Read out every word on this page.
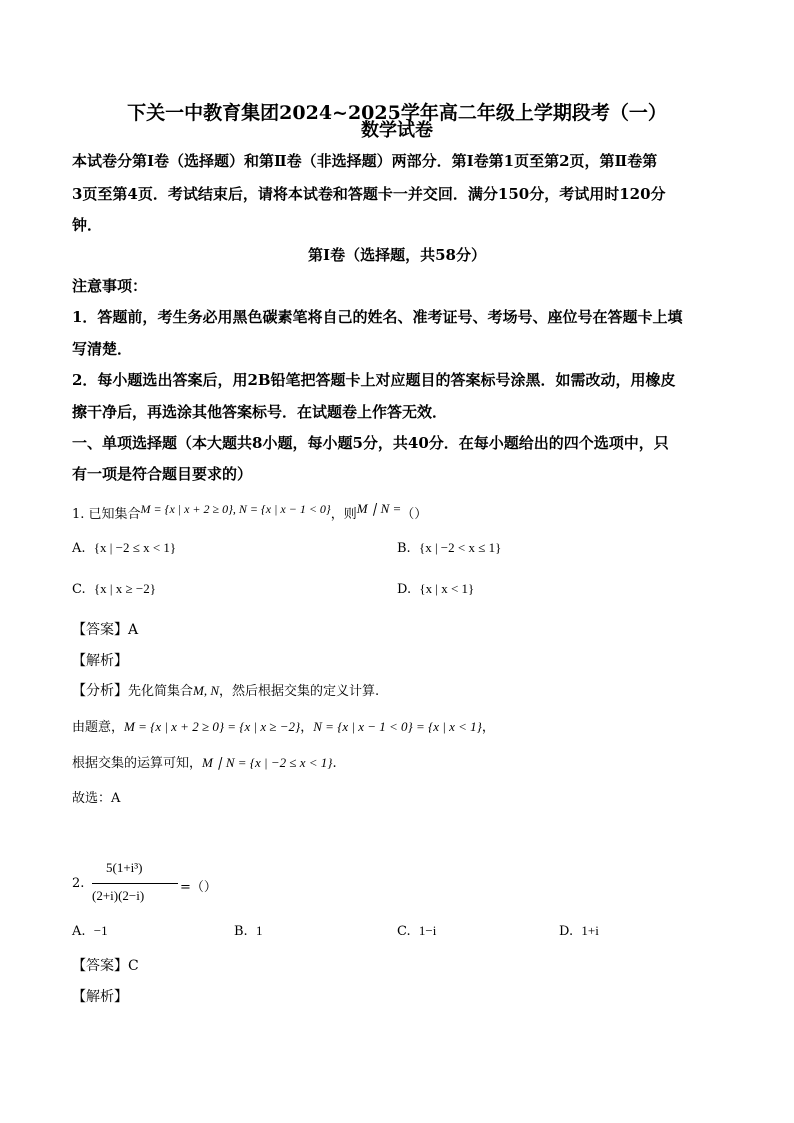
下关一中教育集团2024~2025学年高二年级上学期段考（一）
数学试卷
本试卷分第Ⅰ卷（选择题）和第Ⅱ卷（非选择题）两部分．第Ⅰ卷第1页至第2页，第Ⅱ卷第
3页至第4页．考试结束后，请将本试卷和答题卡一并交回．满分150分，考试用时120分
钟．
第Ⅰ卷（选择题，共58分）
注意事项：
1．答题前，考生务必用黑色碳素笔将自己的姓名、准考证号、考场号、座位号在答题卡上填
写清楚．
2．每小题选出答案后，用2B铅笔把答题卡上对应题目的答案标号涂黑．如需改动，用橡皮
擦干净后，再选涂其他答案标号．在试题卷上作答无效．
一、单项选择题（本大题共8小题，每小题5分，共40分．在每小题给出的四个选项中，只
有一项是符合题目要求的）
1. 已知集合M = {x | x + 2 ≥ 0}, N = {x | x − 1 < 0}，则M ∣ N =（）
A. {x | −2 ≤ x < 1}	B. {x | −2 < x ≤ 1}
C. {x | x ≥ −2}	D. {x | x < 1}
【答案】A
【解析】
【分析】先化简集合M, N，然后根据交集的定义计算.
由题意，M = {x | x + 2 ≥ 0} = {x | x ≥ −2}，N = {x | x − 1 < 0} = {x | x < 1}，
根据交集的运算可知，M ∣ N = {x | −2 ≤ x < 1}.
故选：A
2.
5(1+i³)
(2+i)(2−i)
=（）
A. −1	B. 1	C. 1−i	D. 1+i
【答案】C
【解析】
